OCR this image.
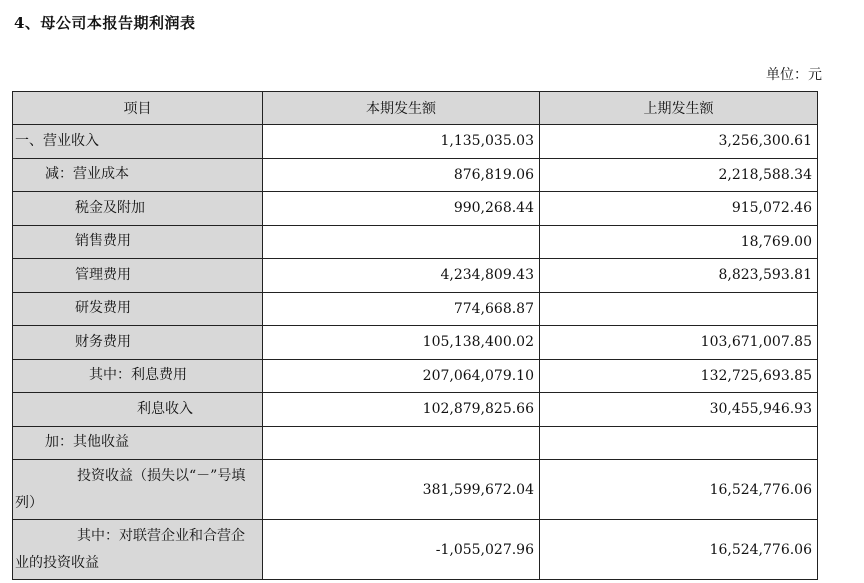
4、母公司本报告期利润表
单位：元
项目	本期发生额	上期发生额
一、营业收入	1,135,035.03	3,256,300.61
减：营业成本	876,819.06	2,218,588.34
税金及附加	990,268.44	915,072.46
销售费用		18,769.00
管理费用	4,234,809.43	8,823,593.81
研发费用	774,668.87	
财务费用	105,138,400.02	103,671,007.85
其中：利息费用	207,064,079.10	132,725,693.85
利息收入	102,879,825.66	30,455,946.93
加：其他收益		
投资收益（损失以“－”号填列）	381,599,672.04	16,524,776.06
其中：对联营企业和合营企业的投资收益	-1,055,027.96	16,524,776.06
